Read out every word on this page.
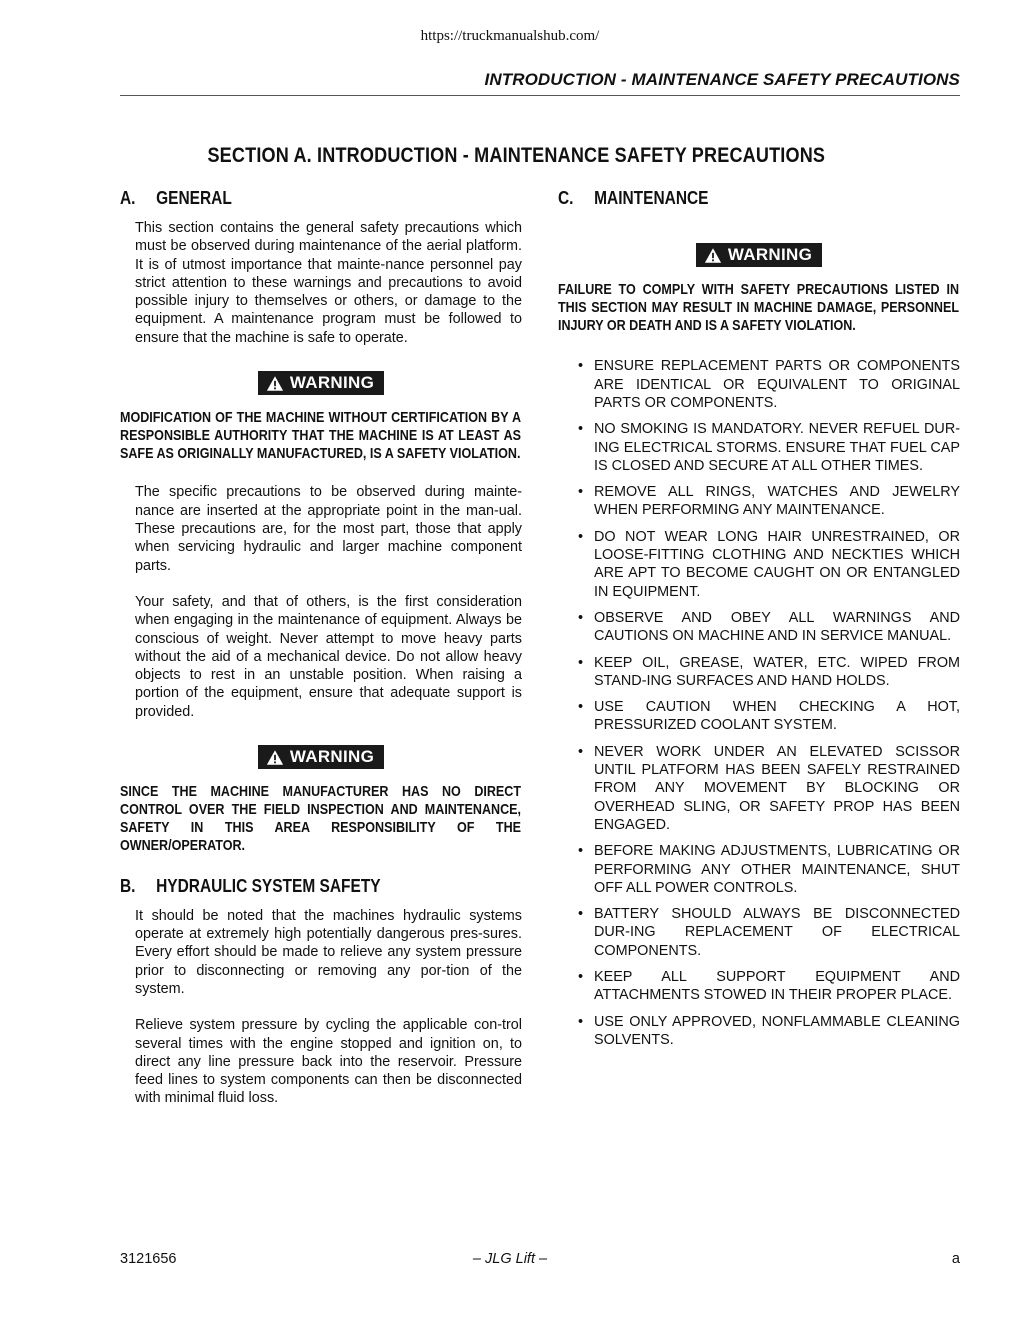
https://truckmanualshub.com/
INTRODUCTION - MAINTENANCE SAFETY PRECAUTIONS
SECTION A. INTRODUCTION - MAINTENANCE SAFETY PRECAUTIONS
A. GENERAL

This section contains the general safety precautions which must be observed during maintenance of the aerial platform. It is of utmost importance that mainte-nance personnel pay strict attention to these warnings and precautions to avoid possible injury to themselves or others, or damage to the equipment. A maintenance program must be followed to ensure that the machine is safe to operate.

WARNING

MODIFICATION OF THE MACHINE WITHOUT CERTIFICATION BY A RESPONSIBLE AUTHORITY THAT THE MACHINE IS AT LEAST AS SAFE AS ORIGINALLY MANUFACTURED, IS A SAFETY VIOLATION.

The specific precautions to be observed during mainte-nance are inserted at the appropriate point in the man-ual. These precautions are, for the most part, those that apply when servicing hydraulic and larger machine component parts.

Your safety, and that of others, is the first consideration when engaging in the maintenance of equipment. Always be conscious of weight. Never attempt to move heavy parts without the aid of a mechanical device. Do not allow heavy objects to rest in an unstable position. When raising a portion of the equipment, ensure that adequate support is provided.

WARNING

SINCE THE MACHINE MANUFACTURER HAS NO DIRECT CONTROL OVER THE FIELD INSPECTION AND MAINTENANCE, SAFETY IN THIS AREA RESPONSIBILITY OF THE OWNER/OPERATOR.

B. HYDRAULIC SYSTEM SAFETY

It should be noted that the machines hydraulic systems operate at extremely high potentially dangerous pres-sures. Every effort should be made to relieve any system pressure prior to disconnecting or removing any por-tion of the system.

Relieve system pressure by cycling the applicable con-trol several times with the engine stopped and ignition on, to direct any line pressure back into the reservoir. Pressure feed lines to system components can then be disconnected with minimal fluid loss.

C. MAINTENANCE
WARNING

FAILURE TO COMPLY WITH SAFETY PRECAUTIONS LISTED IN THIS SECTION MAY RESULT IN MACHINE DAMAGE, PERSONNEL INJURY OR DEATH AND IS A SAFETY VIOLATION.

• ENSURE REPLACEMENT PARTS OR COMPONENTS ARE IDENTICAL OR EQUIVALENT TO ORIGINAL PARTS OR COMPONENTS.
• NO SMOKING IS MANDATORY. NEVER REFUEL DUR-ING ELECTRICAL STORMS. ENSURE THAT FUEL CAP IS CLOSED AND SECURE AT ALL OTHER TIMES.
• REMOVE ALL RINGS, WATCHES AND JEWELRY WHEN PERFORMING ANY MAINTENANCE.
• DO NOT WEAR LONG HAIR UNRESTRAINED, OR LOOSE-FITTING CLOTHING AND NECKTIES WHICH ARE APT TO BECOME CAUGHT ON OR ENTANGLED IN EQUIPMENT.
• OBSERVE AND OBEY ALL WARNINGS AND CAUTIONS ON MACHINE AND IN SERVICE MANUAL.
• KEEP OIL, GREASE, WATER, ETC. WIPED FROM STAND-ING SURFACES AND HAND HOLDS.
• USE CAUTION WHEN CHECKING A HOT, PRESSURIZED COOLANT SYSTEM.
• NEVER WORK UNDER AN ELEVATED SCISSOR UNTIL PLATFORM HAS BEEN SAFELY RESTRAINED FROM ANY MOVEMENT BY BLOCKING OR OVERHEAD SLING, OR SAFETY PROP HAS BEEN ENGAGED.
• BEFORE MAKING ADJUSTMENTS, LUBRICATING OR PERFORMING ANY OTHER MAINTENANCE, SHUT OFF ALL POWER CONTROLS.
• BATTERY SHOULD ALWAYS BE DISCONNECTED DUR-ING REPLACEMENT OF ELECTRICAL COMPONENTS.
• KEEP ALL SUPPORT EQUIPMENT AND ATTACHMENTS STOWED IN THEIR PROPER PLACE.
• USE ONLY APPROVED, NONFLAMMABLE CLEANING SOLVENTS.
3121656	– JLG Lift –	a
